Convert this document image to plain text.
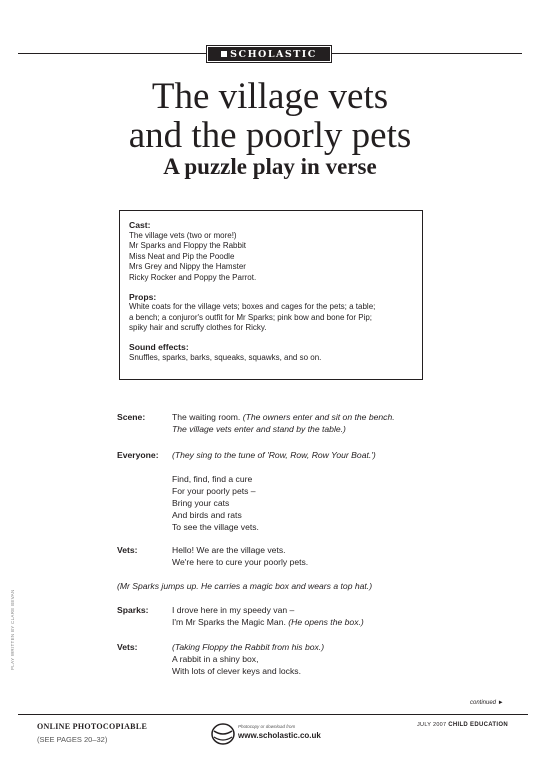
SCHOLASTIC
The village vets
and the poorly pets
A puzzle play in verse
Cast:
The village vets (two or more!)
Mr Sparks and Floppy the Rabbit
Miss Neat and Pip the Poodle
Mrs Grey and Nippy the Hamster
Ricky Rocker and Poppy the Parrot.
Props:
White coats for the village vets; boxes and cages for the pets; a table;
a bench; a conjuror's outfit for Mr Sparks; pink bow and bone for Pip;
spiky hair and scruffy clothes for Ricky.
Sound effects:
Snuffles, sparks, barks, squeaks, squawks, and so on.
Scene:	The waiting room. (The owners enter and sit on the bench.
The village vets enter and stand by the table.)
Everyone: (They sing to the tune of 'Row, Row, Row Your Boat.')
Find, find, find a cure
For your poorly pets –
Bring your cats
And birds and rats
To see the village vets.
Vets:	Hello! We are the village vets.
We're here to cure your poorly pets.
(Mr Sparks jumps up. He carries a magic box and wears a top hat.)
Sparks:	I drove here in my speedy van –
I'm Mr Sparks the Magic Man. (He opens the box.)
Vets:	(Taking Floppy the Rabbit from his box.)
A rabbit in a shiny box,
With lots of clever keys and locks.
PLAY WRITTEN BY CLARE BEVAN
continued ►
ONLINE PHOTOCOPIABLE
(SEE PAGES 20–32)
Photocopy or download from
www.scholastic.co.uk
JULY 2007 CHILD EDUCATION
